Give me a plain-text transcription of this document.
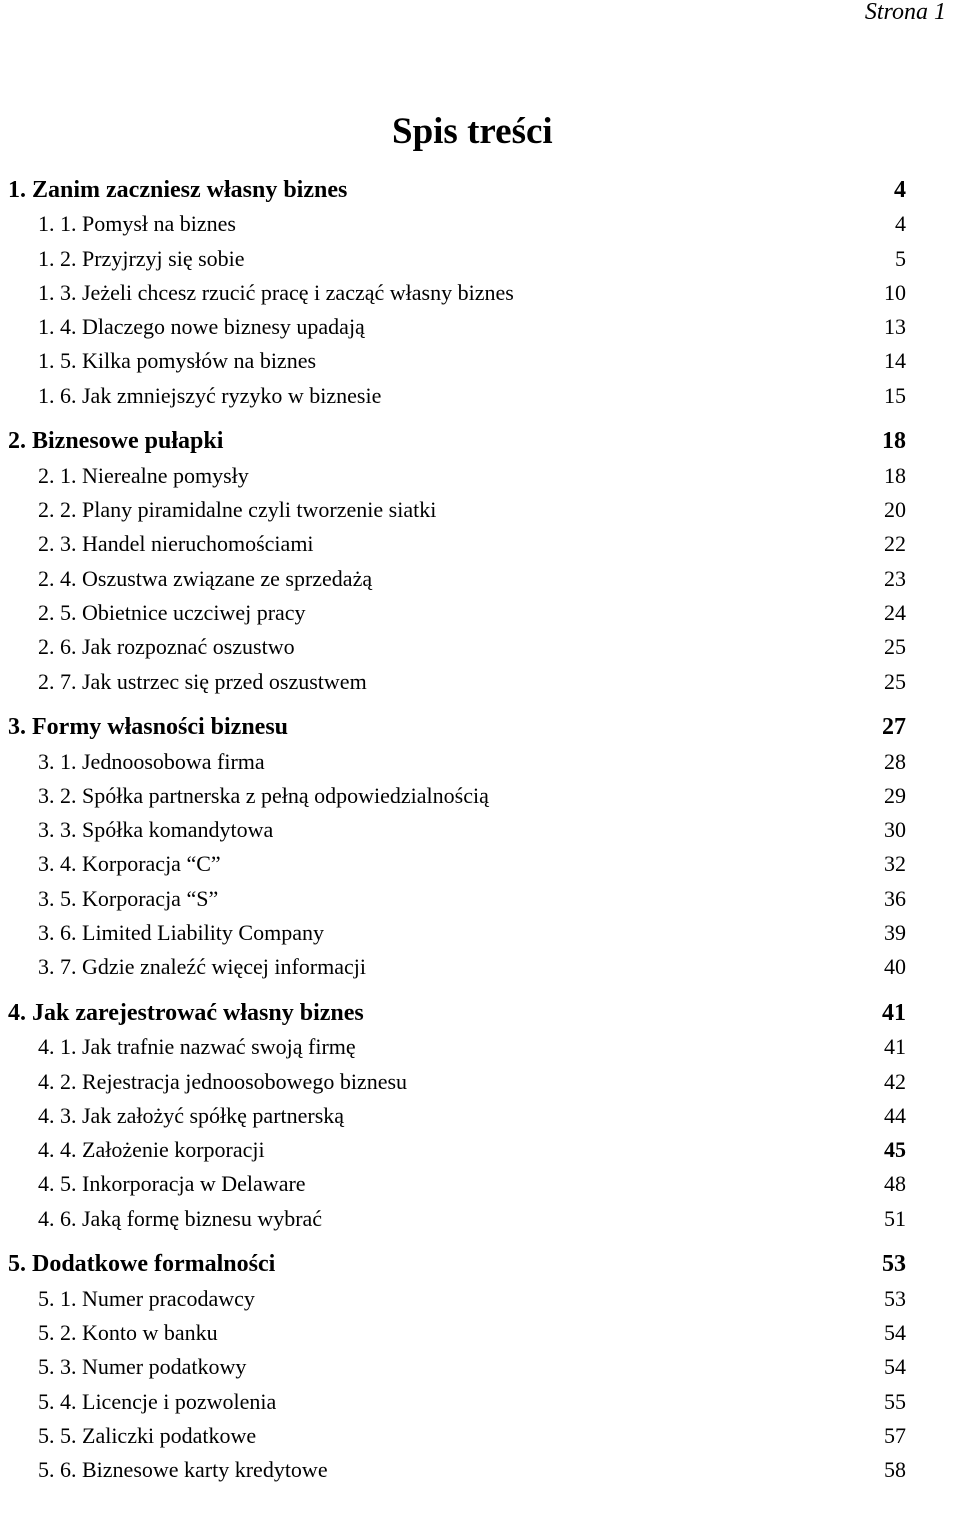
Strona 1
Spis treści
1. Zanim zaczniesz własny biznes	4
1. 1. Pomysł na biznes	4
1. 2. Przyjrzyj się sobie	5
1. 3. Jeżeli chcesz rzucić pracę i zacząć własny biznes	10
1. 4. Dlaczego nowe biznesy upadają	13
1. 5. Kilka pomysłów na biznes	14
1. 6. Jak zmniejszyć ryzyko w biznesie	15
2. Biznesowe pułapki	18
2. 1. Nierealne pomysły	18
2. 2. Plany piramidalne czyli tworzenie siatki	20
2. 3. Handel nieruchomościami	22
2. 4. Oszustwa związane ze sprzedażą	23
2. 5. Obietnice uczciwej pracy	24
2. 6. Jak rozpoznać oszustwo	25
2. 7. Jak ustrzec się przed oszustwem	25
3. Formy własności biznesu	27
3. 1. Jednoosobowa firma	28
3. 2. Spółka partnerska z pełną odpowiedzialnością	29
3. 3. Spółka komandytowa	30
3. 4. Korporacja “C”	32
3. 5. Korporacja “S”	36
3. 6. Limited Liability Company	39
3. 7. Gdzie znaleźć więcej informacji	40
4. Jak zarejestrować własny biznes	41
4. 1. Jak trafnie nazwać swoją firmę	41
4. 2. Rejestracja jednoosobowego biznesu	42
4. 3. Jak założyć spółkę partnerską	44
4. 4. Założenie korporacji	45
4. 5. Inkorporacja w Delaware	48
4. 6. Jaką formę biznesu wybrać	51
5. Dodatkowe formalności	53
5. 1. Numer pracodawcy	53
5. 2. Konto w banku	54
5. 3. Numer podatkowy	54
5. 4. Licencje i pozwolenia	55
5. 5. Zaliczki podatkowe	57
5. 6. Biznesowe karty kredytowe	58
